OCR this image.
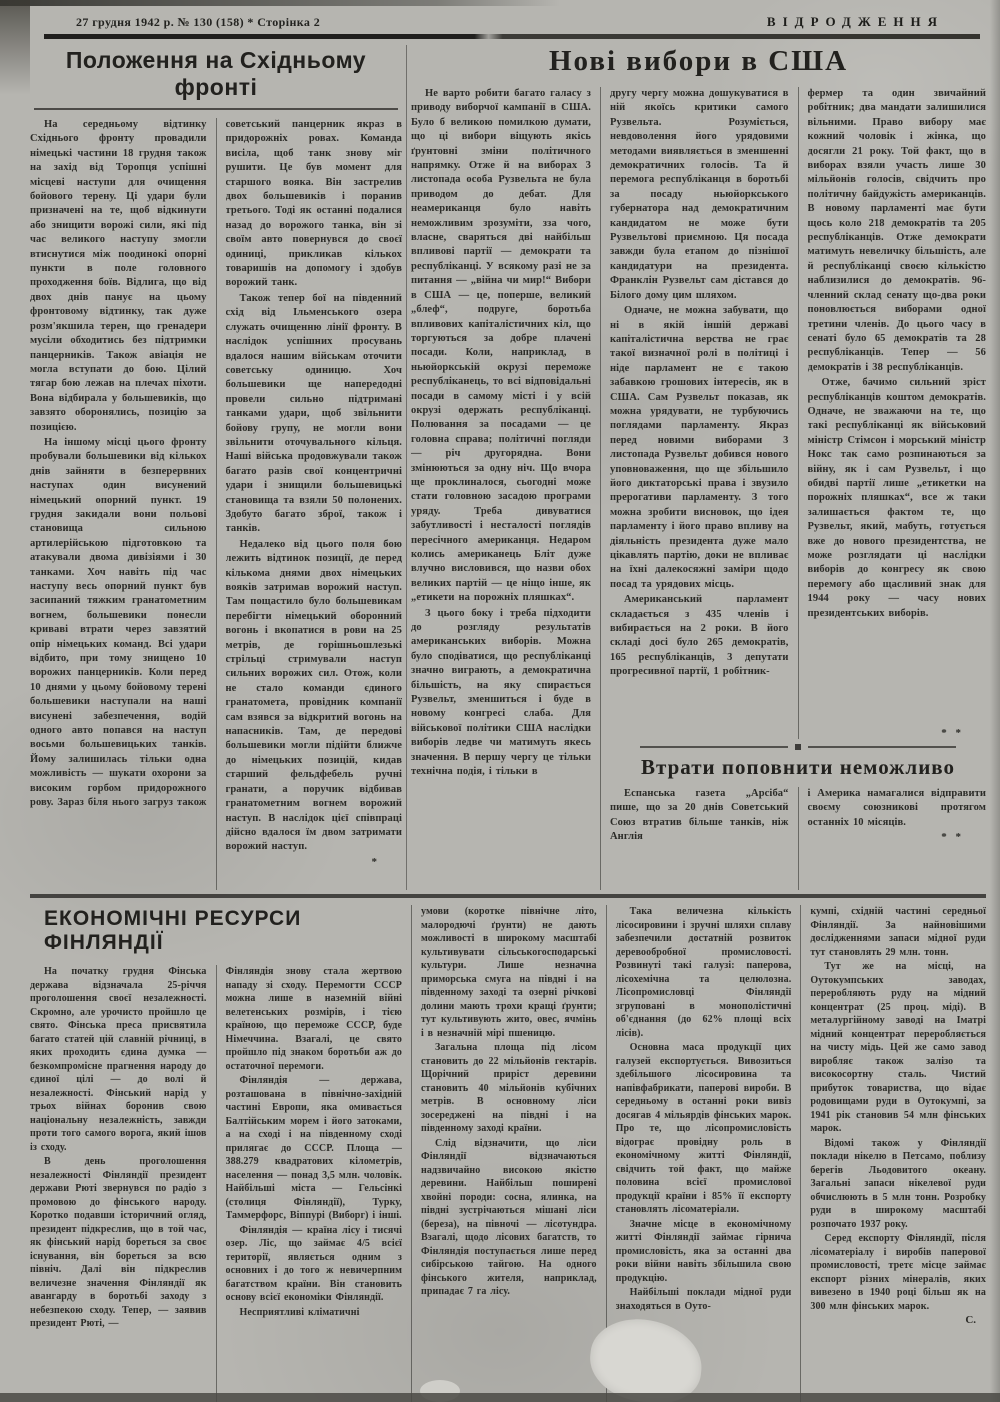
27 грудня 1942 р. № 130 (158) * Сторінка 2	ВІДРОДЖЕННЯ
Положення на Східньому фронті

На середньому відтинку Східнього фронту провадили німецькі частини 18 грудня також на захід від Торопця успішні місцеві наступи для очищення бойового терену. Ці удари були призначені на те, щоб відкинути або знищити ворожі сили, які під час великого наступу змогли втиснутися між поодинокі опорні пункти в поле головного проходження боїв. Відлига, що від двох днів панує на цьому фронтовому відтинку, так дуже розм'якшила терен, що гренадери мусіли обходитись без підтримки панцерників. Також авіація не могла вступати до бою. Цілий тягар бою лежав на плечах піхоти. Вона відбирала у большевиків, що завзято оборонялись, позицію за позицією.

На іншому місці цього фронту пробували большевики від кількох днів зайняти в безперервних наступах один висунений німецький опорний пункт. 19 грудня закидали вони польові становища сильною артилерійською підготовкою та атакували двома дивізіями і 30 танками. Хоч навіть під час наступу весь опорний пункт був засипаний тяжким гранатометним вогнем, большевики понесли криваві втрати через завзятий опір німецьких команд. Всі удари відбито, при тому знищено 10 ворожих панцерників. Коли перед 10 днями у цьому бойовому терені большевики наступали на наші висунені забезпечення, водій одного авто попався на наступ восьми большевицьких танків. Йому залишилась тільки одна можливість — шукати охорони за високим горбом придорожного рову. Зараз біля нього загруз також

советський панцерник якраз в придорожніх ровах. Команда висіла, щоб танк знову міг рушити. Це був момент для старшого вояка. Він застрелив двох большевиків і поранив третього. Тоді як останні подалися назад до ворожого танка, він зі своїм авто повернувся до своєї одиниці, прикликав кількох товаришів на допомогу і здобув ворожий танк.

Також тепер бої на південний схід від Ільменського озера служать очищенню лінії фронту. В наслідок успішних просувань вдалося нашим військам оточити советську одиницю. Хоч большевики ще напередодні провели сильно підтримані танками удари, щоб звільнити бойову групу, не могли вони звільнити оточувального кільця. Наші війська продовжували також багато разів свої концентричні удари і знищили большевицькі становища та взяли 50 полонених. Здобуто багато зброї, також і танків.

Недалеко від цього поля бою лежить відтинок позиції, де перед кількома днями двох німецьких вояків затримав ворожий наступ. Там пощастило було большевикам перебігти німецький оборонний вогонь і вкопатися в рови на 25 метрів, де горішньошлезькі стрільці стримували наступ сильних ворожих сил. Отож, коли не стало команди єдиного гранатомета, провідник компанії сам взявся за відкритий вогонь на напасників. Там, де передові большевики могли підійти ближче до німецьких позицій, кидав старший фельдфебель ручні гранати, а поручик відбивав гранатометним вогнем ворожий наступ. В наслідок цієї співпраці дійсно вдалося їм двом затримати ворожий наступ.

*
Нові вибори в США

Не варто робити багато галасу з приводу виборчої кампанії в США. Було б великою помилкою думати, що ці вибори віщують якісь ґрунтовні зміни політичного напрямку. Отже й на виборах 3 листопада особа Рузвельта не була приводом до дебат. Для неамериканця було навіть неможливим зрозуміти, зза чого, власне, сваряться дві найбільш впливові партії — демократи та республіканці. У всякому разі не за питання — „війна чи мир!“ Вибори в США — це, поперше, великий „блеф“, подруге, боротьба впливових капіталістичних кіл, що торгуються за добре плачені посади. Коли, наприклад, в ньюйоркській окрузі переможе республіканець, то всі відповідальні посади в самому місті і у всій окрузі одержать республіканці. Полювання за посадами — це головна справа; політичні погляди — річ другорядна. Вони змінюються за одну ніч. Що вчора ще проклиналося, сьогодні може стати головною засадою програми уряду. Треба дивуватися забутливості і несталості поглядів пересічного американця. Недаром колись американець Бліт дуже влучно висловився, що назви обох великих партій — це ніщо інше, як „етикети на порожніх пляшках“.

З цього боку і треба підходити до розгляду результатів американських виборів. Можна було сподіватися, що республіканці значно виграють, а демократична більшість, на яку спирається Рузвельт, зменшиться і буде в новому конгресі слаба. Для військової політики США наслідки виборів ледве чи матимуть якесь значення. В першу чергу це тільки технічна подія, і тільки в

другу чергу можна дошукуватися в ній якоїсь критики самого Рузвельта. Розуміється, невдоволення його урядовими методами виявляється в зменшенні демократичних голосів. Та й перемога республіканця в боротьбі за посаду ньюйоркського губернатора над демократичним кандидатом не може бути Рузвельтові приємною. Ця посада завжди була етапом до пізнішої кандидатури на президента. Франклін Рузвельт сам дістався до Білого дому цим шляхом.

Одначе, не можна забувати, що ні в якій іншій державі капіталістична верства не грає такої визначної ролі в політиці і ніде парламент не є такою забавкою грошових інтересів, як в США. Сам Рузвельт показав, як можна урядувати, не турбуючись поглядами парламенту. Якраз перед новими виборами 3 листопада Рузвельт добився нового уповноваження, що ще збільшило його диктаторські права і звузило прерогативи парламенту. З того можна зробити висновок, що ідея парламенту і його право впливу на діяльність президента дуже мало цікавлять партію, доки не впливає на їхні далекосяжні заміри щодо посад та урядових місць.

Американський парламент складається з 435 членів і вибирається на 2 роки. В його складі досі було 265 демократів, 165 республіканців, 3 депутати прогресивної партії, 1 робітник-

фермер та один звичайний робітник; два мандати залишилися вільними. Право вибору має кожний чоловік і жінка, що досягли 21 року. Той факт, що в виборах взяли участь лише 30 мільйонів голосів, свідчить про політичну байдужість американців. В новому парламенті має бути щось коло 218 демократів та 205 республіканців. Отже демократи матимуть невеличку більшість, але й республіканці своєю кількістю наблизилися до демократів. 96-членний склад сенату що-два роки поновлюється виборами одної третини членів. До цього часу в сенаті було 65 демократів та 28 республіканців. Тепер — 56 демократів і 38 республіканців.

Отже, бачимо сильний зріст республіканців коштом демократів. Одначе, не зважаючи на те, що такі республіканці як військовий міністр Стімсон і морський міністр Нокс так само розпинаються за війну, як і сам Рузвельт, і що обидві партії лише „етикетки на порожніх пляшках“, все ж таки залишається фактом те, що Рузвельт, який, мабуть, готується вже до нового президентства, не може розглядати ці наслідки виборів до конгресу як свою перемогу або щасливий знак для 1944 року — часу нових президентських виборів.

* *
Втрати поповнити неможливо

Еспанська газета „Арсіба“ пише, що за 20 днів Советський Союз втратив більше танків, ніж Англія

і Америка намагалися відправити своєму союзникові протягом останніх 10 місяців.

* *
ЕКОНОМІЧНІ РЕСУРСИ ФІНЛЯНДІЇ

На початку грудня Фінська держава відзначала 25-річчя проголошення своєї незалежності. Скромно, але урочисто пройшло це свято. Фінська преса присвятила багато статей цій славній річниці, в яких проходить єдина думка — безкомпромісне прагнення народу до єдиної цілі — до волі й незалежності. Фінський нарід у трьох війнах боронив свою національну незалежність, завжди проти того самого ворога, який ішов із сходу.

В день проголошення незалежності Фінляндії президент держави Рюті звернувся по радіо з промовою до фінського народу. Коротко подавши історичний огляд, президент підкреслив, що в той час, як фінський нарід бореться за своє існування, він бореться за всю північ. Далі він підкреслив величезне значення Фінляндії як авангарду в боротьбі заходу з небезпекою сходу. Тепер, — заявив президент Рюті, —

Фінляндія знову стала жертвою нападу зі сходу. Перемогти СССР можна лише в наземній війні велетенських розмірів, і тією країною, що переможе СССР, буде Німеччина. Взагалі, це свято пройшло під знаком боротьби аж до остаточної перемоги.

Фінляндія — держава, розташована в північно-західній частині Европи, яка омивається Балтійським морем і його затоками, а на сході і на південному сході прилягає до СССР. Площа — 388.279 квадратових кілометрів, населення — понад 3,5 млн. чоловік. Найбільші міста — Гельсінкі (столиця Фінляндії), Турку, Таммерфорс, Віппурі (Виборг) і інші.

Фінляндія — країна лісу і тисячі озер. Ліс, що займає 4/5 всієї території, являється одним з основних і до того ж невичерпним багатством країни. Він становить основу всієї економіки Фінляндії.

Несприятливі кліматичні

умови (коротке північне літо, малородючі ґрунти) не дають можливості в широкому масштабі культивувати сільськогосподарські культури. Лише незначна приморська смуга на півдні і на південному заході та озерні річкові долини мають трохи кращі ґрунти; тут культивують жито, овес, ячмінь і в незначній мірі пшеницю.

Загальна площа під лісом становить до 22 мільйонів гектарів. Щорічний приріст деревини становить 40 мільйонів кубічних метрів. В основному ліси зосереджені на півдні і на південному заході країни.

Слід відзначити, що ліси Фінляндії відзначаються надзвичайно високою якістю деревини. Найбільш поширені хвойні породи: сосна, ялинка, на півдні зустрічаються мішані ліси (береза), на півночі — лісотундра. Взагалі, щодо лісових багатств, то Фінляндія поступається лише перед сибірською тайгою. На одного фінського жителя, наприклад, припадає 7 га лісу.

Така величезна кількість лісосировини і зручні шляхи сплаву забезпечили достатній розвиток деревообробної промисловості. Розвинуті такі галузі: паперова, лісохемічна та целюлозна. Лісопромисловці Фінляндії згруповані в монополістичні об'єднання (до 62% площі всіх лісів).

Основна маса продукції цих галузей експортується. Вивозиться здебільшого лісосировина та напівфабрикати, паперові вироби. В середньому в останні роки вивіз досягав 4 мільярдів фінських марок. Про те, що лісопромисловість відограє провідну роль в економічному житті Фінляндії, свідчить той факт, що майже половина всієї промислової продукції країни і 85% її експорту становлять лісоматеріали.

Значне місце в економічному житті Фінляндії займає гірнича промисловість, яка за останні два роки війни навіть збільшила свою продукцію.

Найбільші поклади мідної руди знаходяться в Оуто-

кумпі, східній частині середньої Фінляндії. За найновішими дослідженнями запаси мідної руди тут становлять 29 млн. тонн.

Тут же на місці, на Оутокумпських заводах, переробляють руду на мідний концентрат (25 проц. міді). В металургійному заводі на Іматрі мідний концентрат переробляється на чисту мідь. Цей же само завод виробляє також залізо та високосортну сталь. Чистий прибуток товариства, що відає родовищами руди в Оутокумпі, за 1941 рік становив 54 млн фінських марок.

Відомі також у Фінляндії поклади нікелю в Петсамо, поблизу берегів Льодовитого океану. Загальні запаси нікелевої руди обчислюють в 5 млн тонн. Розробку руди в широкому масштабі розпочато 1937 року.

Серед експорту Фінляндії, після лісоматеріалу і виробів паперової промисловості, третє місце займає експорт різних мінералів, яких вивезено в 1940 році більш як на 300 млн фінських марок.

С.
